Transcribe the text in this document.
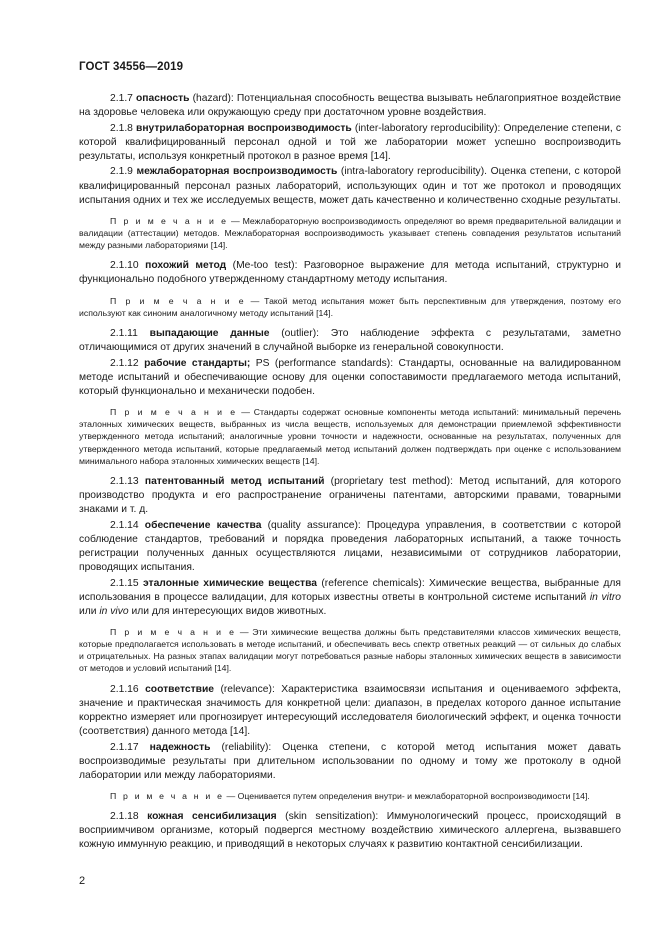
ГОСТ 34556—2019

2.1.7 опасность (hazard): Потенциальная способность вещества вызывать неблагоприятное воздействие на здоровье человека или окружающую среду при достаточном уровне воздействия.

2.1.8 внутрилабораторная воспроизводимость (inter-laboratory reproducibility): Определение степени, с которой квалифицированный персонал одной и той же лаборатории может успешно воспроизводить результаты, используя конкретный протокол в разное время [14].

2.1.9 межлабораторная воспроизводимость (intra-laboratory reproducibility). Оценка степени, с которой квалифицированный персонал разных лабораторий, использующих один и тот же протокол и проводящих испытания одних и тех же исследуемых веществ, может дать качественно и количественно сходные результаты.

П р и м е ч а н и е — Межлабораторную воспроизводимость определяют во время предварительной валидации и валидации (аттестации) методов. Межлабораторная воспроизводимость указывает степень совпадения результатов испытаний между разными лабораториями [14].

2.1.10 похожий метод (Me-too test): Разговорное выражение для метода испытаний, структурно и функционально подобного утвержденному стандартному методу испытания.

П р и м е ч а н и е — Такой метод испытания может быть перспективным для утверждения, поэтому его используют как синоним аналогичному методу испытаний [14].

2.1.11 выпадающие данные (outlier): Это наблюдение эффекта с результатами, заметно отличающимися от других значений в случайной выборке из генеральной совокупности.

2.1.12 рабочие стандарты; PS (performance standards): Стандарты, основанные на валидированном методе испытаний и обеспечивающие основу для оценки сопоставимости предлагаемого метода испытаний, который функционально и механически подобен.

П р и м е ч а н и е — Стандарты содержат основные компоненты метода испытаний: минимальный перечень эталонных химических веществ, выбранных из числа веществ, используемых для демонстрации приемлемой эффективности утвержденного метода испытаний; аналогичные уровни точности и надежности, основанные на результатах, полученных для утвержденного метода испытаний, которые предлагаемый метод испытаний должен подтверждать при оценке с использованием минимального набора эталонных химических веществ [14].

2.1.13 патентованный метод испытаний (proprietary test method): Метод испытаний, для которого производство продукта и его распространение ограничены патентами, авторскими правами, товарными знаками и т. д.

2.1.14 обеспечение качества (quality assurance): Процедура управления, в соответствии с которой соблюдение стандартов, требований и порядка проведения лабораторных испытаний, а также точность регистрации полученных данных осуществляются лицами, независимыми от сотрудников лаборатории, проводящих испытания.

2.1.15 эталонные химические вещества (reference chemicals): Химические вещества, выбранные для использования в процессе валидации, для которых известны ответы в контрольной системе испытаний in vitro или in vivo или для интересующих видов животных.

П р и м е ч а н и е — Эти химические вещества должны быть представителями классов химических веществ, которые предполагается использовать в методе испытаний, и обеспечивать весь спектр ответных реакций — от сильных до слабых и отрицательных. На разных этапах валидации могут потребоваться разные наборы эталонных химических веществ в зависимости от методов и условий испытаний [14].

2.1.16 соответствие (relevance): Характеристика взаимосвязи испытания и оцениваемого эффекта, значение и практическая значимость для конкретной цели: диапазон, в пределах которого данное испытание корректно измеряет или прогнозирует интересующий исследователя биологический эффект, и оценка точности (соответствия) данного метода [14].

2.1.17 надежность (reliability): Оценка степени, с которой метод испытания может давать воспроизводимые результаты при длительном использовании по одному и тому же протоколу в одной лаборатории или между лабораториями.

П р и м е ч а н и е — Оценивается путем определения внутри- и межлабораторной воспроизводимости [14].

2.1.18 кожная сенсибилизация (skin sensitization): Иммунологический процесс, происходящий в восприимчивом организме, который подвергся местному воздействию химического аллергена, вызвавшего кожную иммунную реакцию, и приводящий в некоторых случаях к развитию контактной сенсибилизации.

2
